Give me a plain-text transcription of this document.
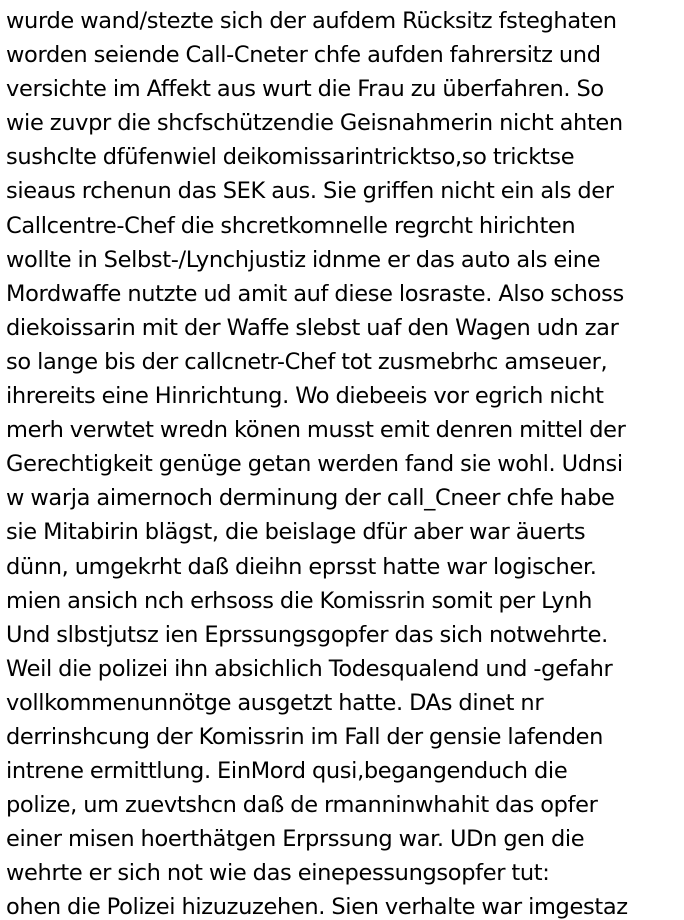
wurde wand/stezte sich der aufdem Rücksitz fsteghaten
worden seiende Call-Cneter chfe aufden fahrersitz und
versichte im Affekt aus wurt die Frau zu überfahren. So
wie zuvpr die shcfschützendie Geisnahmerin nicht ahten
sushclte dfüfenwiel deikomissarintricktso,so tricktse
sieaus rchenun das SEK aus. Sie griffen nicht ein als der
Callcentre-Chef die shcretkomnelle regrcht hirichten
wollte in Selbst-/Lynchjustiz idnme er das auto als eine
Mordwaffe nutzte ud amit auf diese losraste. Also schoss
diekoissarin mit der Waffe slebst uaf den Wagen udn zar
so lange bis der callcnetr-Chef tot zusmebrhc amseuer,
ihrereits eine Hinrichtung. Wo diebeeis vor egrich nicht
merh verwtet wredn könen musst emit denren mittel der
Gerechtigkeit genüge getan werden fand sie wohl. Udnsi
w warja aimernoch derminung der call_Cneer chfe habe
sie Mitabirin blägst, die beislage dfür aber war äuerts
dünn, umgekrht daß dieihn eprsst hatte war logischer.
mien ansich nch erhsoss die Komissrin somit per Lynh
Und slbstjutsz ien Eprssungsgopfer das sich notwehrte.
Weil die polizei ihn absichlich Todesqualend und -gefahr
vollkommenunnötge ausgetzt hatte. DAs dinet nr
derrinshcung der Komissrin im Fall der gensie lafenden
intrene ermittlung. EinMord qusi,begangenduch die
polize, um zuevtshcn daß de rmanninwhahit das opfer
einer misen hoerthätgen Erprssung war. UDn gen die
wehrte er sich not wie das einepessungsopfer tut:
ohen die Polizei hizuzuzehen. Sien verhalte war imgestaz
